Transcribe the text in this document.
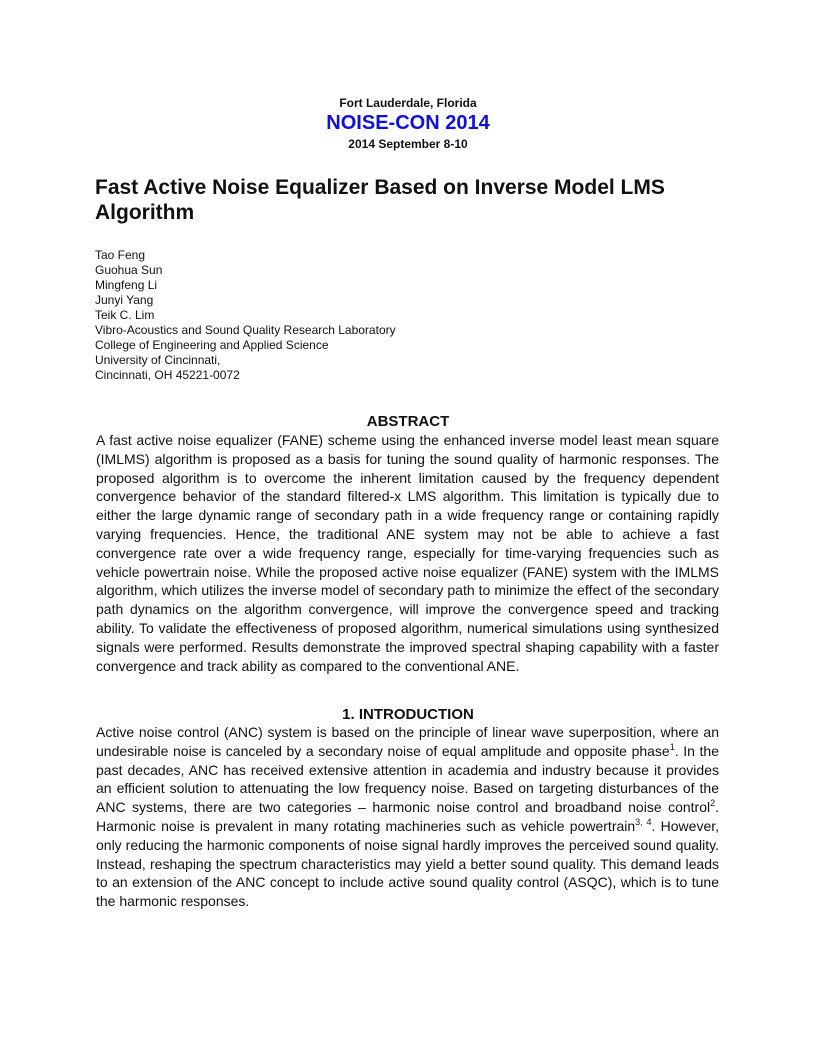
Fort Lauderdale, Florida
NOISE-CON 2014
2014 September 8-10
Fast Active Noise Equalizer Based on Inverse Model LMS Algorithm
Tao Feng
Guohua Sun
Mingfeng Li
Junyi Yang
Teik C. Lim
Vibro-Acoustics and Sound Quality Research Laboratory
College of Engineering and Applied Science
University of Cincinnati,
Cincinnati, OH 45221-0072
ABSTRACT
A fast active noise equalizer (FANE) scheme using the enhanced inverse model least mean square (IMLMS) algorithm is proposed as a basis for tuning the sound quality of harmonic responses. The proposed algorithm is to overcome the inherent limitation caused by the frequency dependent convergence behavior of the standard filtered-x LMS algorithm. This limitation is typically due to either the large dynamic range of secondary path in a wide frequency range or containing rapidly varying frequencies. Hence, the traditional ANE system may not be able to achieve a fast convergence rate over a wide frequency range, especially for time-varying frequencies such as vehicle powertrain noise. While the proposed active noise equalizer (FANE) system with the IMLMS algorithm, which utilizes the inverse model of secondary path to minimize the effect of the secondary path dynamics on the algorithm convergence, will improve the convergence speed and tracking ability. To validate the effectiveness of proposed algorithm, numerical simulations using synthesized signals were performed. Results demonstrate the improved spectral shaping capability with a faster convergence and track ability as compared to the conventional ANE.
1. INTRODUCTION
Active noise control (ANC) system is based on the principle of linear wave superposition, where an undesirable noise is canceled by a secondary noise of equal amplitude and opposite phase$^1$. In the past decades, ANC has received extensive attention in academia and industry because it provides an efficient solution to attenuating the low frequency noise. Based on targeting disturbances of the ANC systems, there are two categories – harmonic noise control and broadband noise control$^2$. Harmonic noise is prevalent in many rotating machineries such as vehicle powertrain$^{3, 4}$. However, only reducing the harmonic components of noise signal hardly improves the perceived sound quality. Instead, reshaping the spectrum characteristics may yield a better sound quality. This demand leads to an extension of the ANC concept to include active sound quality control (ASQC), which is to tune the harmonic responses.
